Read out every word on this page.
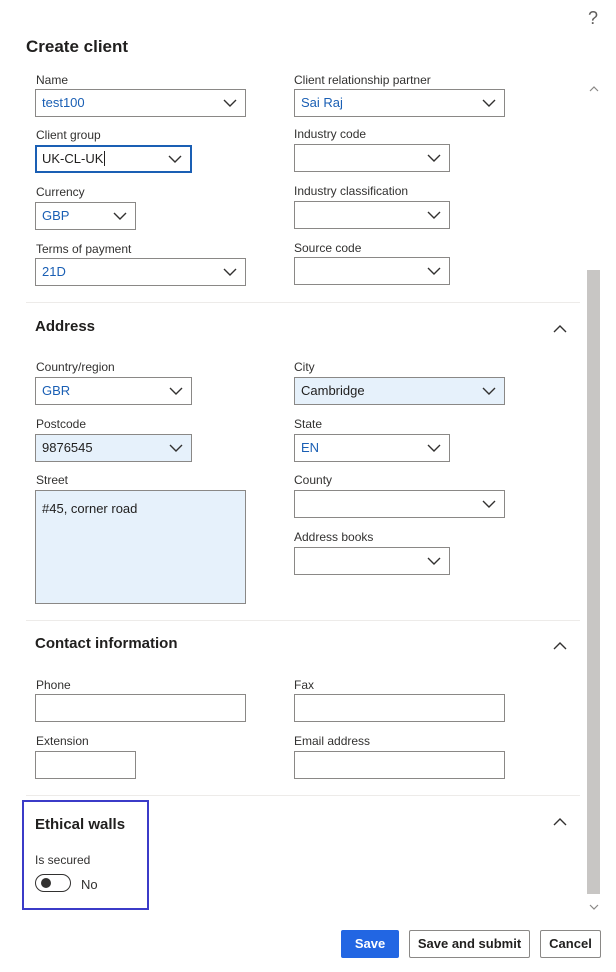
?
Create client
Name
test100
Client relationship partner
Sai Raj
Client group
UK-CL-UK
Industry code
Currency
GBP
Industry classification
Terms of payment
21D
Source code
Address
Country/region
GBR
City
Cambridge
Postcode
9876545
State
EN
Street
#45, corner road
County
Address books
Contact information
Phone	Fax
Extension	Email address
Ethical walls
Is secured
No
Save	Save and submit	Cancel
